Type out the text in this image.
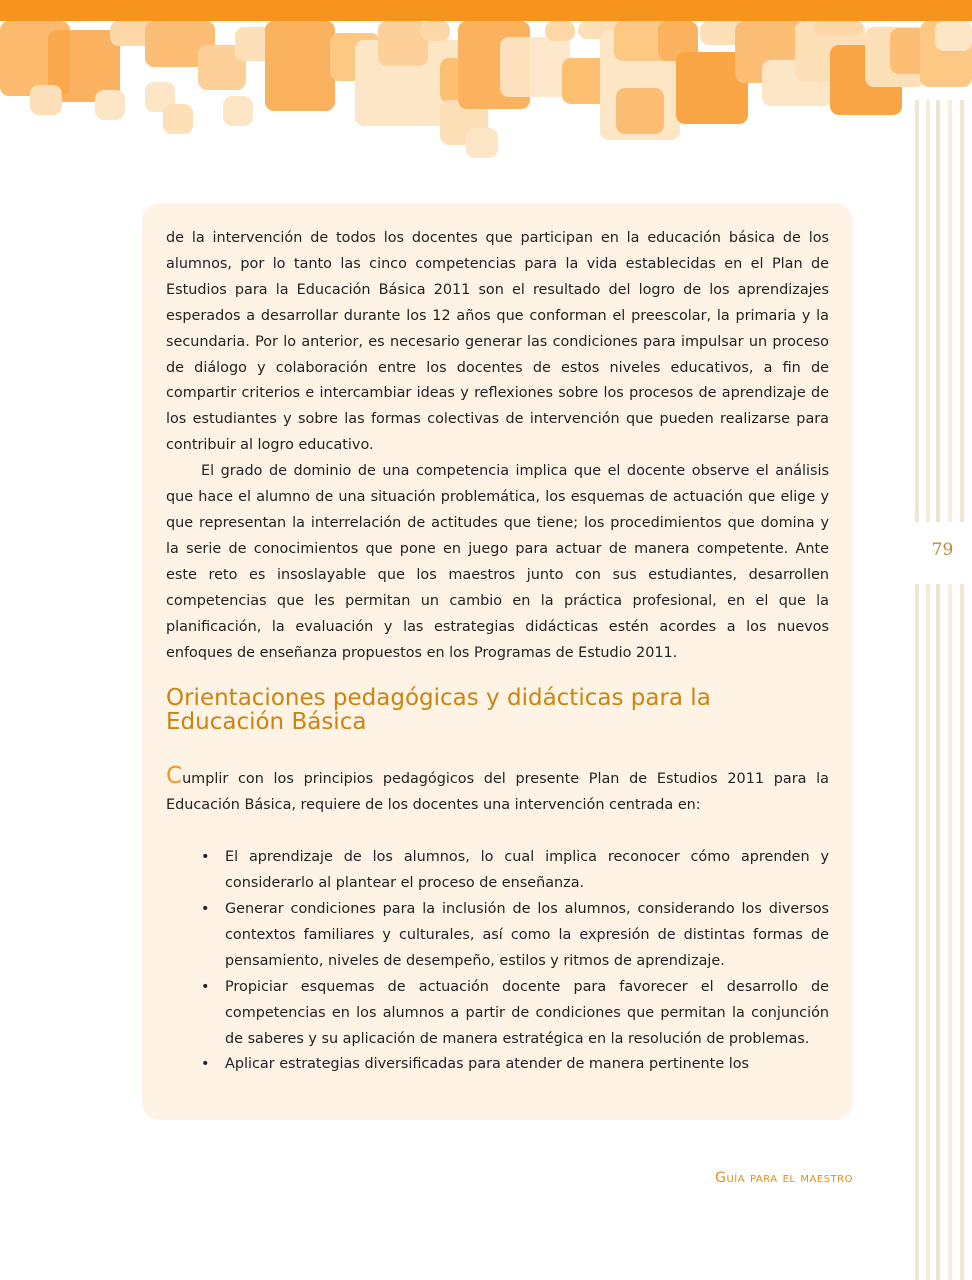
79

de la intervención de todos los docentes que participan en la educación básica de los alumnos, por lo tanto las cinco competencias para la vida establecidas en el Plan de Estudios para la Educación Básica 2011 son el resultado del logro de los aprendizajes esperados a desarrollar durante los 12 años que conforman el preescolar, la primaria y la secundaria. Por lo anterior, es necesario generar las condiciones para impulsar un proceso de diálogo y colaboración entre los docentes de estos niveles educativos, a fin de compartir criterios e intercambiar ideas y reflexiones sobre los procesos de aprendizaje de los estudiantes y sobre las formas colectivas de intervención que pueden realizarse para contribuir al logro educativo.

El grado de dominio de una competencia implica que el docente observe el análisis que hace el alumno de una situación problemática, los esquemas de actuación que elige y que representan la interrelación de actitudes que tiene; los procedimientos que domina y la serie de conocimientos que pone en juego para actuar de manera competente. Ante este reto es insoslayable que los maestros junto con sus estudiantes, desarrollen competencias que les permitan un cambio en la práctica profesional, en el que la planificación, la evaluación y las estrategias didácticas estén acordes a los nuevos enfoques de enseñanza propuestos en los Programas de Estudio 2011.

Orientaciones pedagógicas y didácticas para la Educación Básica

Cumplir con los principios pedagógicos del presente Plan de Estudios 2011 para la Educación Básica, requiere de los docentes una intervención centrada en:

• El aprendizaje de los alumnos, lo cual implica reconocer cómo aprenden y considerarlo al plantear el proceso de enseñanza.
• Generar condiciones para la inclusión de los alumnos, considerando los diversos contextos familiares y culturales, así como la expresión de distintas formas de pensamiento, niveles de desempeño, estilos y ritmos de aprendizaje.
• Propiciar esquemas de actuación docente para favorecer el desarrollo de competencias en los alumnos a partir de condiciones que permitan la conjunción de saberes y su aplicación de manera estratégica en la resolución de problemas.
• Aplicar estrategias diversificadas para atender de manera pertinente los
Guía para el maestro
